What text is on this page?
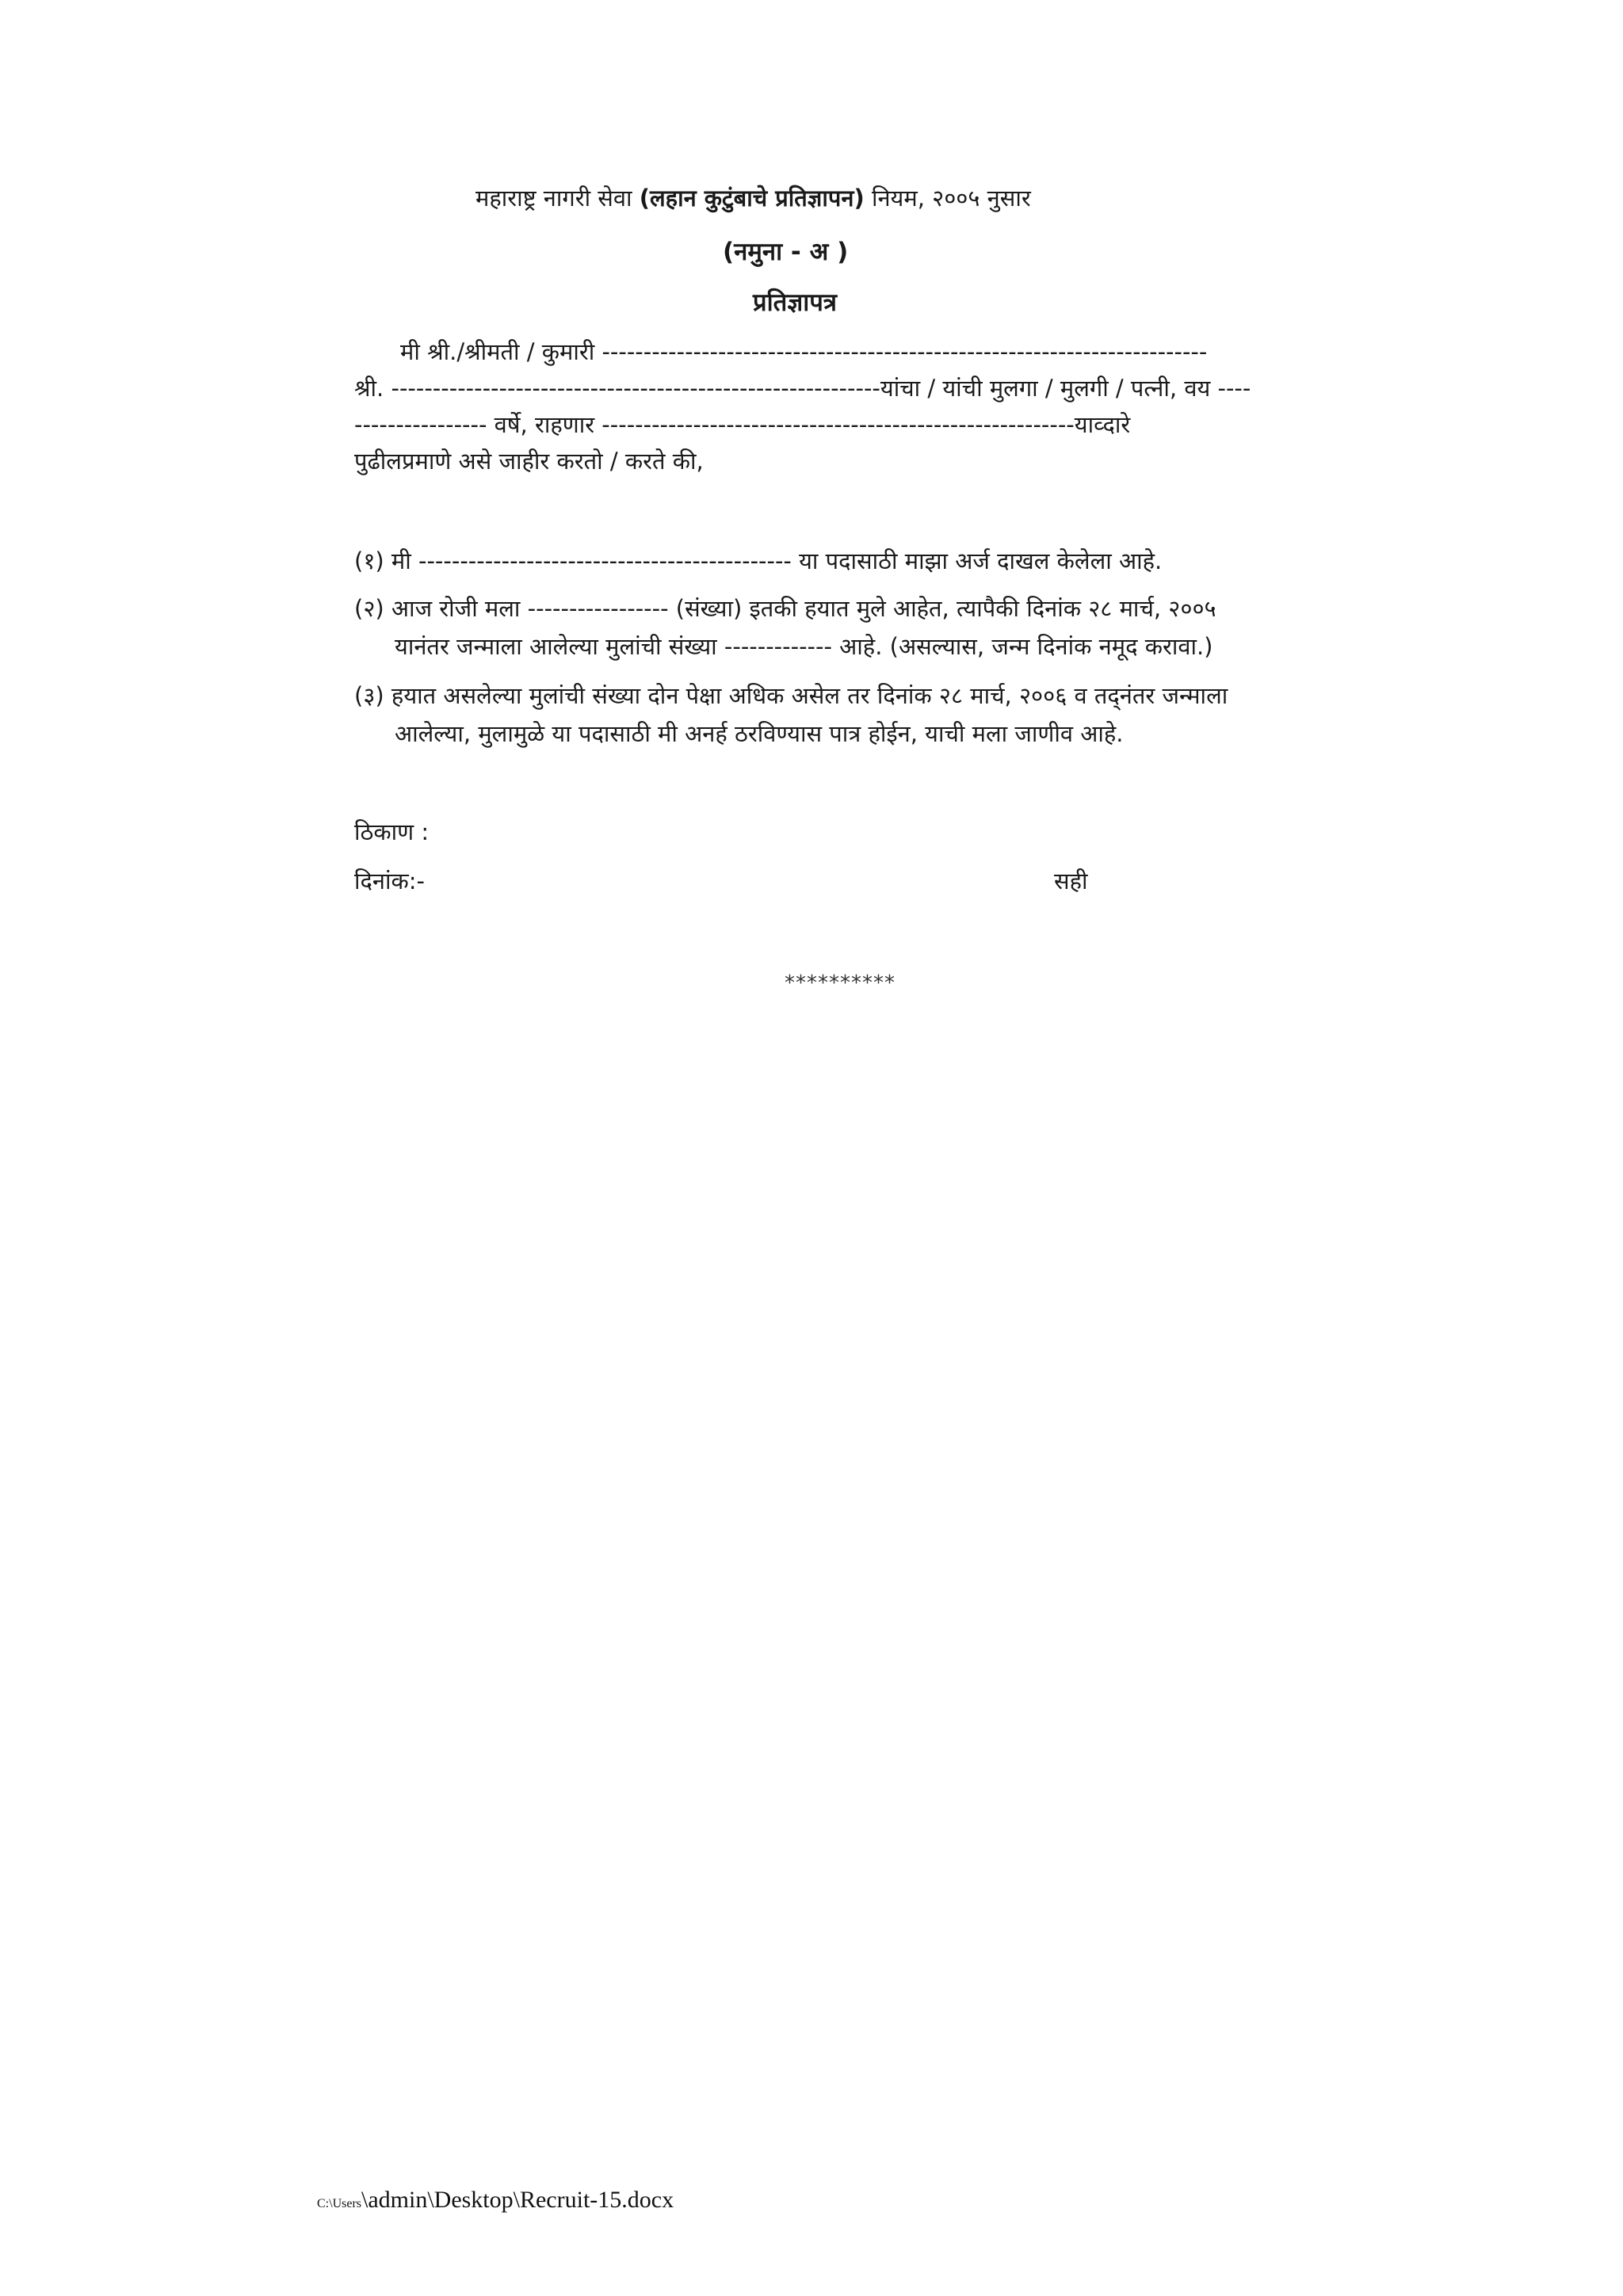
महाराष्ट्र नागरी सेवा (लहान कुटुंबाचे प्रतिज्ञापन) नियम, २००५ नुसार
(नमुना - अ )
प्रतिज्ञापत्र
मी श्री./श्रीमती / कुमारी -------------------------------------------------------------------------
श्री. -----------------------------------------------------------यांचा / यांची मुलगा / मुलगी / पत्नी, वय ----
---------------- वर्षे, राहणार ---------------------------------------------------------याव्दारे
पुढीलप्रमाणे असे जाहीर करतो / करते की,
(१) मी --------------------------------------------- या पदासाठी माझा अर्ज दाखल केलेला आहे.
(२) आज रोजी मला ----------------- (संख्या) इतकी हयात मुले आहेत, त्यापैकी दिनांक २८ मार्च, २००५
यानंतर जन्माला आलेल्या मुलांची संख्या ------------- आहे. (असल्यास, जन्म दिनांक नमूद करावा.)
(३) हयात असलेल्या मुलांची संख्या दोन पेक्षा अधिक असेल तर दिनांक २८ मार्च, २००६ व तद्नंतर जन्माला
आलेल्या, मुलामुळे या पदासाठी मी अनर्ह ठरविण्यास पात्र होईन, याची मला जाणीव आहे.
ठिकाण :
दिनांक:-	सही
**********
C:\Users\admin\Desktop\Recruit-15.docx
